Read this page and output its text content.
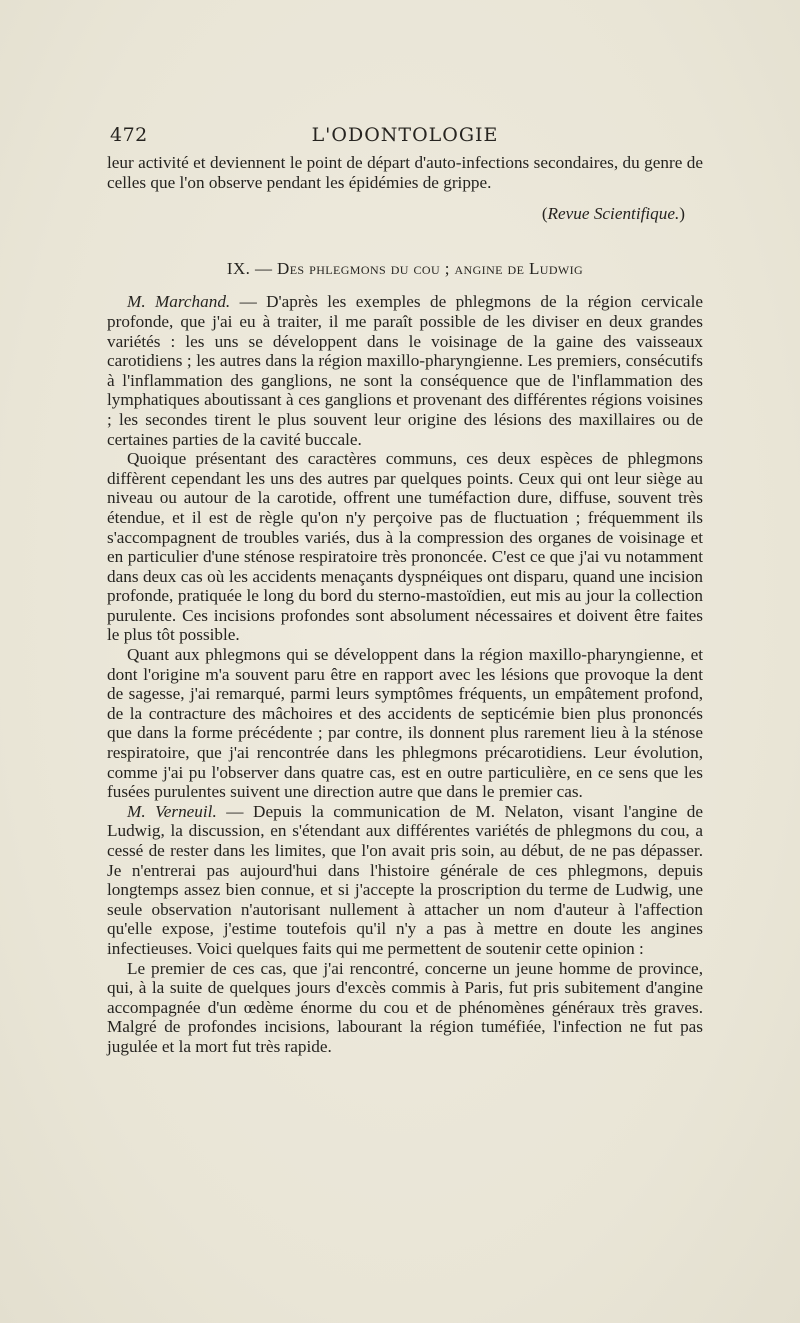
472	L'ODONTOLOGIE

leur activité et deviennent le point de départ d'auto-infections secondaires, du genre de celles que l'on observe pendant les épidémies de grippe.

(Revue Scientifique.)

IX. — Des phlegmons du cou ; angine de Ludwig

M. Marchand. — D'après les exemples de phlegmons de la région cervicale profonde, que j'ai eu à traiter, il me paraît possible de les diviser en deux grandes variétés : les uns se développent dans le voisinage de la gaine des vaisseaux carotidiens ; les autres dans la région maxillo-pharyngienne. Les premiers, consécutifs à l'inflammation des ganglions, ne sont la conséquence que de l'inflammation des lymphatiques aboutissant à ces ganglions et provenant des différentes régions voisines ; les secondes tirent le plus souvent leur origine des lésions des maxillaires ou de certaines parties de la cavité buccale.

Quoique présentant des caractères communs, ces deux espèces de phlegmons diffèrent cependant les uns des autres par quelques points. Ceux qui ont leur siège au niveau ou autour de la carotide, offrent une tuméfaction dure, diffuse, souvent très étendue, et il est de règle qu'on n'y perçoive pas de fluctuation ; fréquemment ils s'accompagnent de troubles variés, dus à la compression des organes de voisinage et en particulier d'une sténose respiratoire très prononcée. C'est ce que j'ai vu notamment dans deux cas où les accidents menaçants dyspnéiques ont disparu, quand une incision profonde, pratiquée le long du bord du sterno-mastoïdien, eut mis au jour la collection purulente. Ces incisions profondes sont absolument nécessaires et doivent être faites le plus tôt possible.

Quant aux phlegmons qui se développent dans la région maxillo-pharyngienne, et dont l'origine m'a souvent paru être en rapport avec les lésions que provoque la dent de sagesse, j'ai remarqué, parmi leurs symptômes fréquents, un empâtement profond, de la contracture des mâchoires et des accidents de septicémie bien plus prononcés que dans la forme précédente ; par contre, ils donnent plus rarement lieu à la sténose respiratoire, que j'ai rencontrée dans les phlegmons précarotidiens. Leur évolution, comme j'ai pu l'observer dans quatre cas, est en outre particulière, en ce sens que les fusées purulentes suivent une direction autre que dans le premier cas.

M. Verneuil. — Depuis la communication de M. Nelaton, visant l'angine de Ludwig, la discussion, en s'étendant aux différentes variétés de phlegmons du cou, a cessé de rester dans les limites, que l'on avait pris soin, au début, de ne pas dépasser. Je n'entrerai pas aujourd'hui dans l'histoire générale de ces phlegmons, depuis longtemps assez bien connue, et si j'accepte la proscription du terme de Ludwig, une seule observation n'autorisant nullement à attacher un nom d'auteur à l'affection qu'elle expose, j'estime toutefois qu'il n'y a pas à mettre en doute les angines infectieuses. Voici quelques faits qui me permettent de soutenir cette opinion :

Le premier de ces cas, que j'ai rencontré, concerne un jeune homme de province, qui, à la suite de quelques jours d'excès commis à Paris, fut pris subitement d'angine accompagnée d'un œdème énorme du cou et de phénomènes généraux très graves. Malgré de profondes incisions, labourant la région tuméfiée, l'infection ne fut pas jugulée et la mort fut très rapide.
